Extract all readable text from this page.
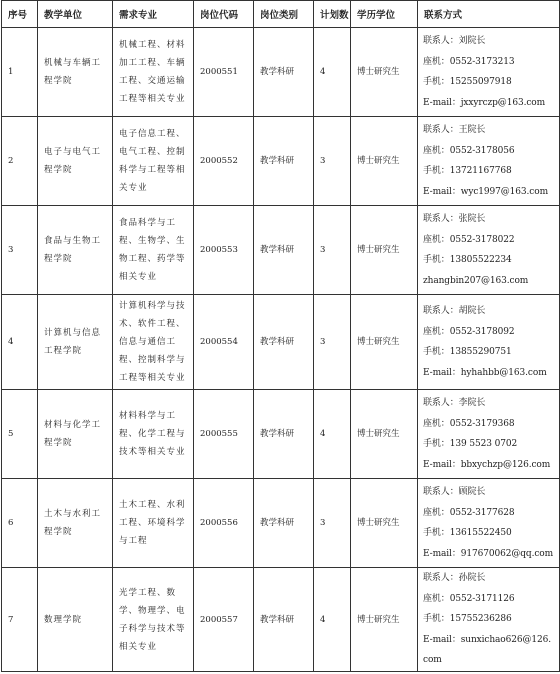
序号	教学单位	需求专业	岗位代码	岗位类别	计划数	学历学位	联系方式
1	机械与车辆工程学院	机械工程、材料加工工程、车辆工程、交通运输工程等相关专业	2000551	教学科研	4	博士研究生	联系人：刘院长
座机：0552-3173213
手机：15255097918
E-mail：jxxyrczp@163.com

2	电子与电气工程学院	电子信息工程、电气工程、控制科学与工程等相关专业	2000552	教学科研	3	博士研究生	联系人：王院长
座机：0552-3178056
手机：13721167768
E-mail：wyc1997@163.com

3	食品与生物工程学院	食品科学与工程、生物学、生物工程、药学等相关专业	2000553	教学科研	3	博士研究生	联系人：张院长
座机：0552-3178022
手机：13805522234
zhangbin207@163.com

4	计算机与信息工程学院	计算机科学与技术、软件工程、信息与通信工程、控制科学与工程等相关专业	2000554	教学科研	3	博士研究生	联系人：胡院长
座机：0552-3178092
手机：13855290751
E-mail：hyhahbb@163.com

5	材料与化学工程学院	材料科学与工程、化学工程与技术等相关专业	2000555	教学科研	4	博士研究生	联系人：李院长
座机：0552-3179368
手机：139 5523 0702
E-mail：bbxychzp@126.com

6	土木与水利工程学院	土木工程、水利工程、环境科学与工程	2000556	教学科研	3	博士研究生	联系人：顾院长
座机：0552-3177628
手机：13615522450
E-mail：917670062@qq.com

7	数理学院	光学工程、数学、物理学、电子科学与技术等相关专业	2000557	教学科研	4	博士研究生	联系人：孙院长
座机：0552-3171126
手机：15755236286
E-mail：sunxichao626@126.
com
